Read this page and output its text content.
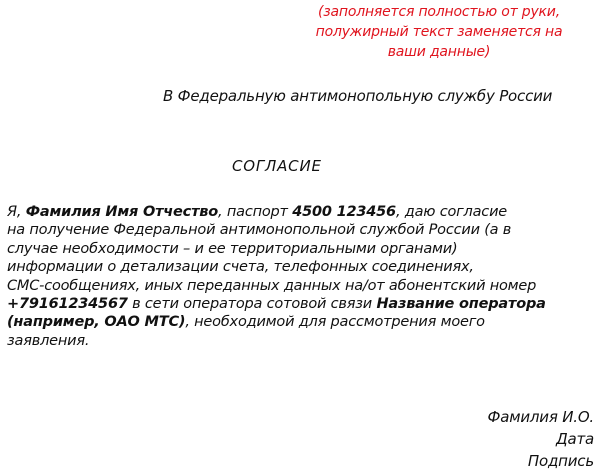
(заполняется полностью от руки,
полужирный текст заменяется на
ваши данные)
В Федеральную антимонопольную службу России
СОГЛАСИЕ
Я, Фамилия Имя Отчество, паспорт 4500 123456, даю согласие
на получение Федеральной антимонопольной службой России (а в
случае необходимости – и ее территориальными органами)
информации о детализации счета, телефонных соединениях,
СМС-сообщениях, иных переданных данных на/от абонентский номер
+79161234567 в сети оператора сотовой связи Название оператора
(например, ОАО МТС), необходимой для рассмотрения моего
заявления.
Фамилия И.О.
Дата
Подпись
